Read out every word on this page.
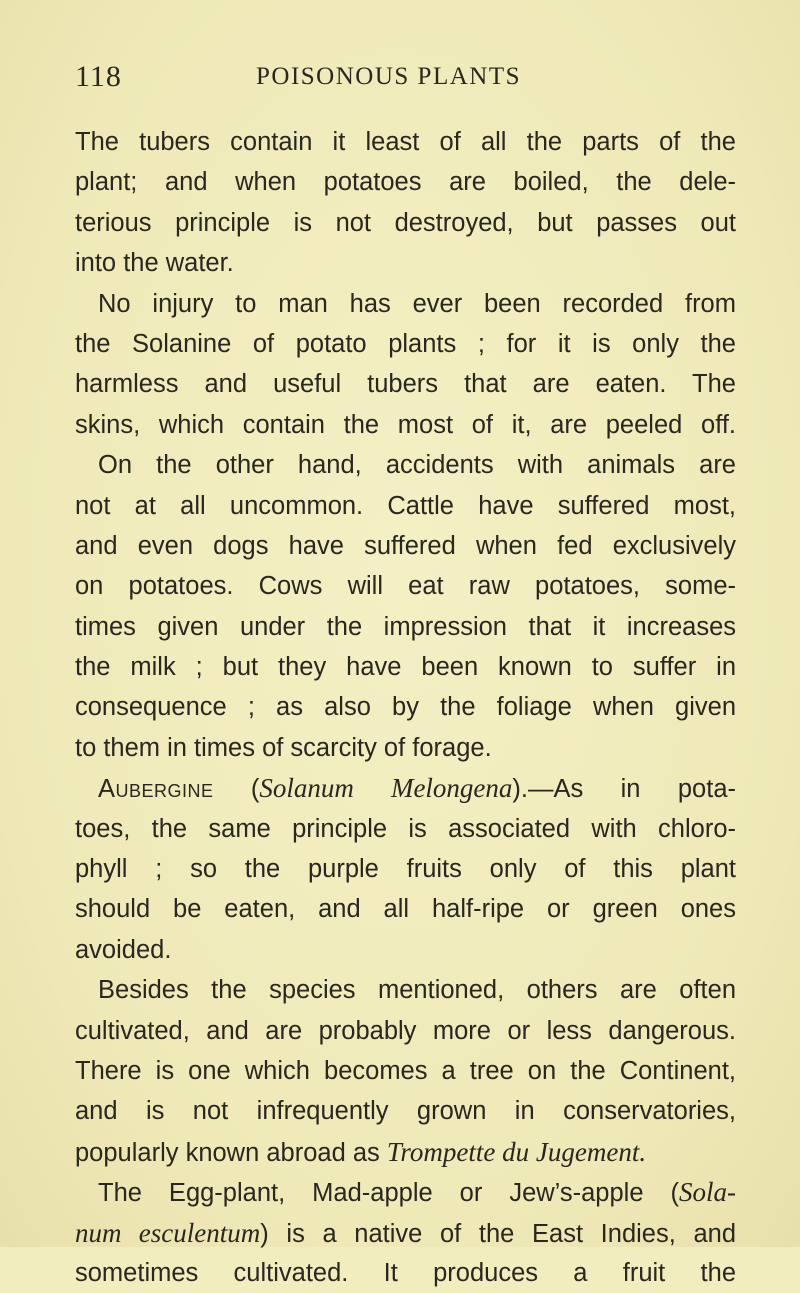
118	POISONOUS PLANTS
The tubers contain it least of all the parts of the
plant; and when potatoes are boiled, the dele-
terious principle is not destroyed, but passes out
into the water.
No injury to man has ever been recorded from
the Solanine of potato plants ; for it is only the
harmless and useful tubers that are eaten. The
skins, which contain the most of it, are peeled off.
On the other hand, accidents with animals are
not at all uncommon. Cattle have suffered most,
and even dogs have suffered when fed exclusively
on potatoes. Cows will eat raw potatoes, some-
times given under the impression that it increases
the milk ; but they have been known to suffer in
consequence ; as also by the foliage when given
to them in times of scarcity of forage.
Aubergine (Solanum Melongena).—As in pota-
toes, the same principle is associated with chloro-
phyll ; so the purple fruits only of this plant
should be eaten, and all half-ripe or green ones
avoided.
Besides the species mentioned, others are often
cultivated, and are probably more or less dangerous.
There is one which becomes a tree on the Continent,
and is not infrequently grown in conservatories,
popularly known abroad as Trompette du Jugement.
The Egg-plant, Mad-apple or Jew’s-apple (Sola-
num esculentum) is a native of the East Indies, and
sometimes cultivated. It produces a fruit the
